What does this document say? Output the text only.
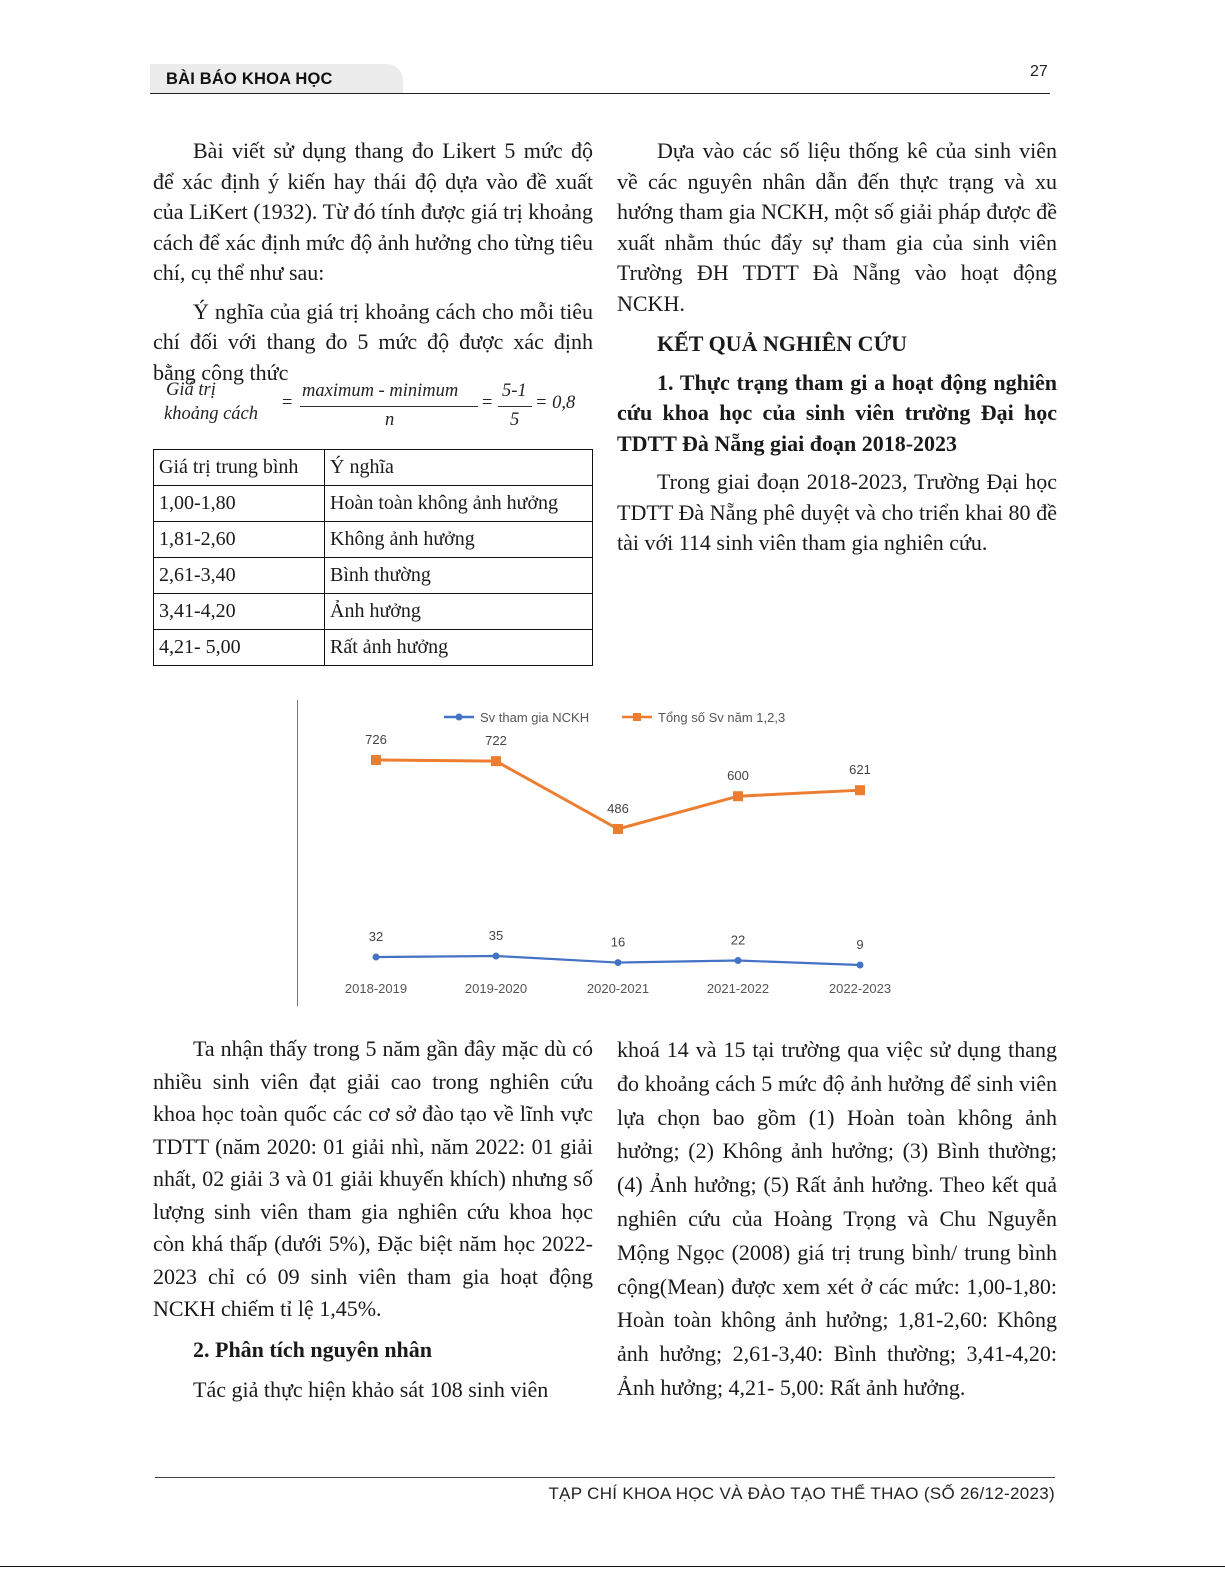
BÀI BÁO KHOA HỌC	27

Bài viết sử dụng thang đo Likert 5 mức độ để xác định ý kiến hay thái độ dựa vào đề xuất của LiKert (1932). Từ đó tính được giá trị khoảng cách để xác định mức độ ảnh hưởng cho từng tiêu chí, cụ thể như sau:

Ý nghĩa của giá trị khoảng cách cho mỗi tiêu chí đối với thang đo 5 mức độ được xác định bằng công thức

Giá trị
khoảng cách
=
maximum - minimum
n
=
5-1
5
= 0,8
Giá trị trung bình	Ý nghĩa
1,00-1,80	Hoàn toàn không ảnh hưởng
1,81-2,60	Không ảnh hưởng
2,61-3,40	Bình thường
3,41-4,20	Ảnh hưởng
4,21- 5,00	Rất ảnh hưởng

Dựa vào các số liệu thống kê của sinh viên về các nguyên nhân dẫn đến thực trạng và xu hướng tham gia NCKH, một số giải pháp được đề xuất nhằm thúc đẩy sự tham gia của sinh viên Trường ĐH TDTT Đà Nẵng vào hoạt động NCKH.

KẾT QUẢ NGHIÊN CỨU
1. Thực trạng tham gi a hoạt động nghiên cứu khoa học của sinh viên trường Đại học TDTT Đà Nẵng giai đoạn 2018-2023

Trong giai đoạn 2018-2023, Trường Đại học TDTT Đà Nẵng phê duyệt và cho triển khai 80 đề tài với 114 sinh viên tham gia nghiên cứu.

Sv tham gia NCKH	Tổng số Sv năm 1,2,3
32	35	16	22	9
726	722
486
600	621
2018-2019	2019-2020	2020-2021	2021-2022	2022-2023

Ta nhận thấy trong 5 năm gần đây mặc dù có nhiều sinh viên đạt giải cao trong nghiên cứu khoa học toàn quốc các cơ sở đào tạo về lĩnh vực TDTT (năm 2020: 01 giải nhì, năm 2022: 01 giải nhất, 02 giải 3 và 01 giải khuyến khích) nhưng số lượng sinh viên tham gia nghiên cứu khoa học còn khá thấp (dưới 5%), Đặc biệt năm học 2022-2023 chỉ có 09 sinh viên tham gia hoạt động NCKH chiếm tỉ lệ 1,45%.

2. Phân tích nguyên nhân

Tác giả thực hiện khảo sát 108 sinh viên

khoá 14 và 15 tại trường qua việc sử dụng thang đo khoảng cách 5 mức độ ảnh hưởng để sinh viên lựa chọn bao gồm (1) Hoàn toàn không ảnh hưởng; (2) Không ảnh hưởng; (3) Bình thường; (4) Ảnh hưởng; (5) Rất ảnh hưởng. Theo kết quả nghiên cứu của Hoàng Trọng và Chu Nguyễn Mộng Ngọc (2008) giá trị trung bình/ trung bình cộng(Mean) được xem xét ở các mức: 1,00-1,80: Hoàn toàn không ảnh hưởng; 1,81-2,60: Không ảnh hưởng; 2,61-3,40: Bình thường; 3,41-4,20: Ảnh hưởng; 4,21- 5,00: Rất ảnh hưởng.

TẠP CHÍ KHOA HỌC VÀ ĐÀO TẠO THỂ THAO (SỐ 26/12-2023)
